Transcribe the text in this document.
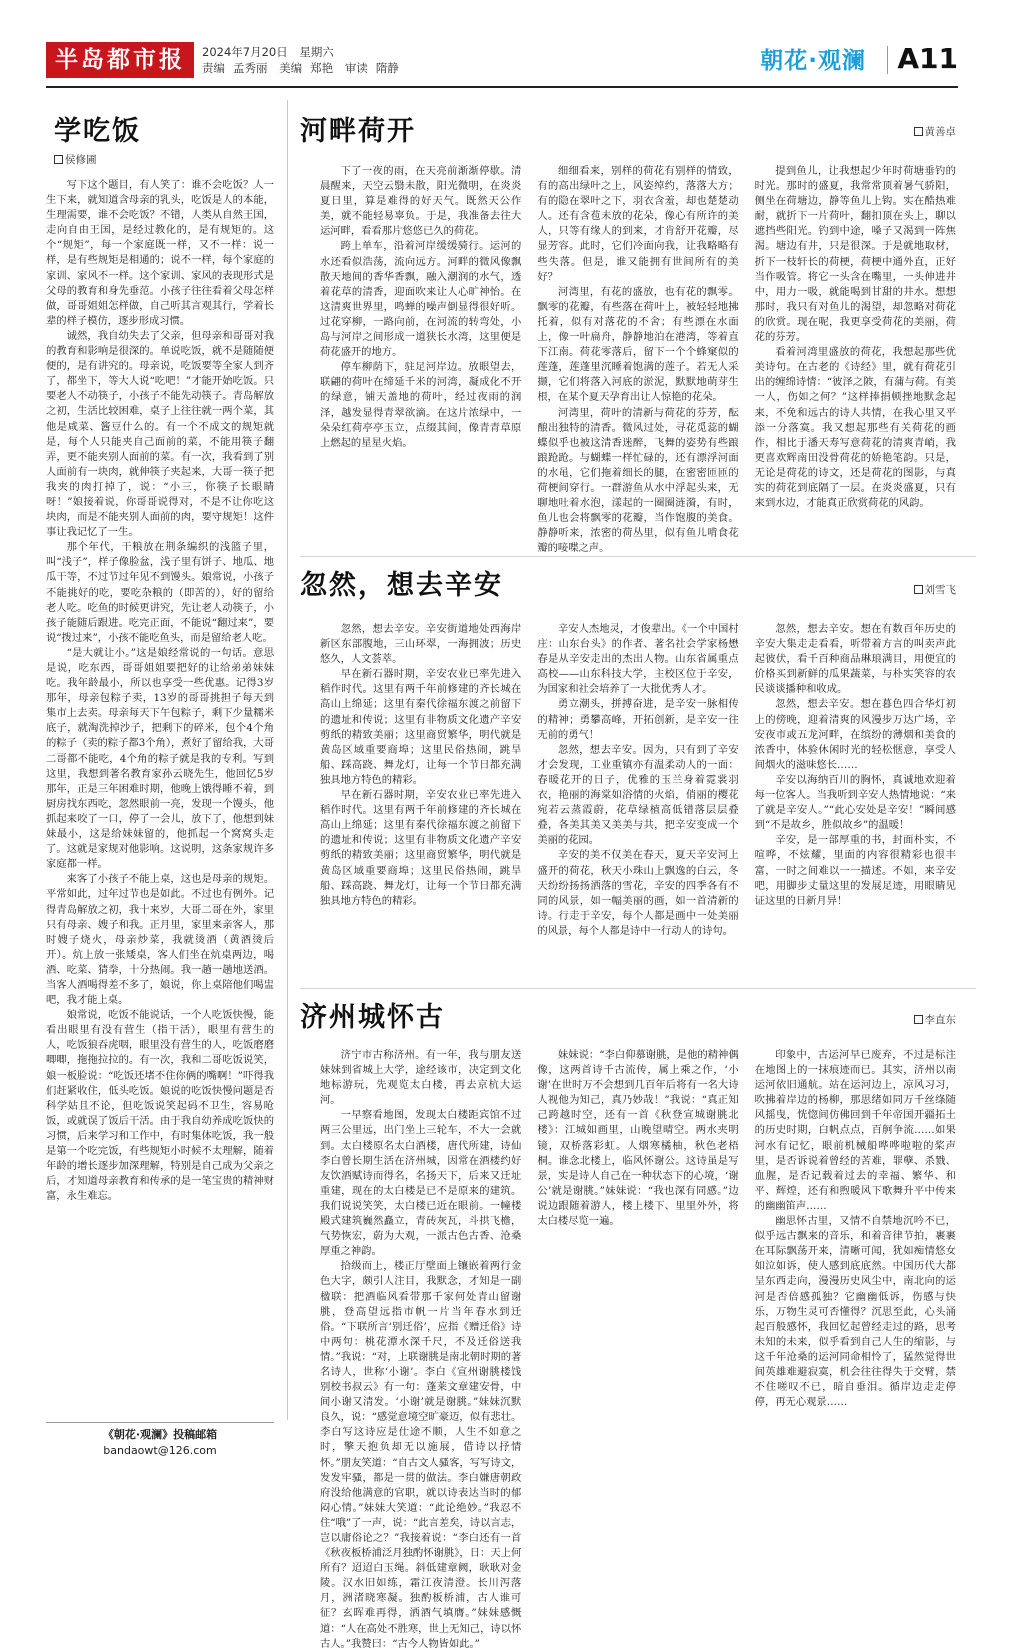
半岛都市报	2024年7月20日 星期六
责编 孟秀丽 美编 郑艳 审读 隋静	朝花·观澜 A11
学吃饭
侯修圃

写下这个题目，有人笑了：谁不会吃饭？人一生下来，就知道含母亲的乳头，吃饭是人的本能，生理需要，谁不会吃饭？不错，人类从自然王国，走向自由王国，是经过教化的，是有规矩的。这个“规矩”，每一个家庭既一样，又不一样：说一样，是有些规矩是相通的；说不一样，每个家庭的家训、家风不一样。这个家训、家风的表现形式是父母的教育和身先垂范。小孩子往往看着父母怎样做，哥哥姐姐怎样做，自己听其言观其行，学着长辈的样子模仿，逐步形成习惯。

诚然，我自幼失去了父亲，但母亲和哥哥对我的教育和影响是很深的。单说吃饭，就不是随随便便的，是有讲究的。母亲说，吃饭要等全家人到齐了，都坐下，等大人说“吃吧！”才能开始吃饭。只要老人不动筷子，小孩子不能先动筷子。青岛解放之初，生活比较困难，桌子上往往就一两个菜，其他是咸菜、酱豆什么的。有一个不成文的规矩就是，每个人只能夹自己面前的菜，不能用筷子翻弄，更不能夹别人面前的菜。有一次，我看到了别人面前有一块肉，就伸筷子夹起来，大哥一筷子把我夹的肉打掉了，说：“小三，你筷子长眼睛呀！”娘接着说，你哥哥说得对，不是不让你吃这块肉，而是不能夹别人面前的肉，要守规矩！这件事让我记忆了一生。

那个年代，干粮放在荆条编织的浅篮子里，叫“浅子”，样子像脸盆，浅子里有饼子、地瓜、地瓜干等，不过节过年见不到馒头。娘常说，小孩子不能挑好的吃，要吃杂粮的（即苦的），好的留给老人吃。吃鱼的时候更讲究，先让老人动筷子，小孩子能随后跟进。吃完正面，不能说“翻过来”，要说“拨过来”，小孩不能吃鱼头，而是留给老人吃。

“是大就让小。”这是娘经常说的一句话。意思是说，吃东西，哥哥姐姐要把好的让给弟弟妹妹吃。我年龄最小，所以也享受一些优惠。记得3岁那年，母亲包粽子卖，13岁的哥哥挑担子每天到集市上去卖。母亲每天下午包粽子，剩下少量糯米底子，就淘洗掉沙子，把剩下的碎米，包个4个角的粽子（卖的粽子都3个角），煮好了留给我，大哥二哥都不能吃，4个角的粽子就是我的专利。写到这里，我想到著名教育家孙云晓先生，他回忆5岁那年，正是三年困难时期，他晚上饿得睡不着，到厨房找东西吃，忽然眼前一亮，发现一个馒头，他抓起来咬了一口，停了一会儿，放下了，他想到妹妹最小，这是给妹妹留的，他抓起一个窝窝头走了。这就是家规对他影响。这说明，这条家规许多家庭都一样。

来客了小孩子不能上桌，这也是母亲的规矩。平常如此，过年过节也是如此。不过也有例外。记得青岛解放之初，我十来岁，大哥二哥在外，家里只有母亲、嫂子和我。正月里，家里来亲客人，那时嫂子烧火，母亲炒菜，我就烫酒（黄酒烫后开）。炕上放一张矮桌，客人们坐在炕桌两边，喝酒、吃菜、猜拳，十分热闹。我一趟一趟地送酒。当客人酒喝得差不多了，娘说，你上桌陪他们喝盅吧，我才能上桌。

娘常说，吃饭不能说话，一个人吃饭快慢，能看出眼里有没有营生（指干活），眼里有营生的人，吃饭狼吞虎咽，眼里没有营生的人，吃饭磨磨唧唧，拖拖拉拉的。有一次，我和二哥吃饭说笑，娘一板脸说：“吃饭还堵不住你俩的嘴啊！”吓得我们赶紧收住，低头吃饭。娘说的吃饭快慢问题是否科学姑且不论，但吃饭说笑起码不卫生，容易呛饭，或就误了饭后干活。由于我自幼养成吃饭快的习惯，后来学习和工作中，有时集体吃饭，我一般是第一个吃完饭，有些规矩小时候不太理解，随着年龄的增长逐步加深理解，特别是自己成为父亲之后，才知道母亲教育和传承的是一笔宝贵的精神财富，永生难忘。

《朝花·观澜》投稿邮箱
bandaowt@126.com
河畔荷开	黄善卓

下了一夜的雨，在天亮前渐渐停歇。清晨醒来，天空云翳未散，阳光微明，在炎炎夏日里，算是难得的好天气。既然天公作美，就不能轻易辜负。于是，我准备去往大运河畔，看看那片悠悠已久的荷花。

跨上单车，沿着河岸缓缓骑行。运河的水还看似浩荡，流向远方。河畔的微风像飘散天地间的香华香飘，融入潮润的水气，透着花草的清香，迎面吹来让人心旷神怡。在这清爽世界里，鸣蝉的噪声倒显得很好听。过花穿柳，一路向前，在河流的转弯处，小岛与河岸之间形成一道狭长水湾，这里便是荷花盛开的地方。

停车柳荫下，驻足河岸边。放眼望去，联翩的荷叶在缔延千米的河湾，凝成化不开的绿意，铺天盖地的荷叶，经过夜雨的润泽，越发显得青翠欲滴。在这片浓绿中，一朵朵红荷亭亭玉立，点缀其间，像青青草原上燃起的星星火焰。

细细看来，别样的荷花有别样的情致，有的高出绿叶之上，风姿绰约，落落大方；有的隐在翠叶之下，羽衣含羞，却也楚楚动人。还有含苞未放的花朵，像心有所许的美人，只等有缘人的到来，才肯舒开花瓣，尽显芳容。此时，它们冷面向我，让我略略有些失落。但是，谁又能拥有世间所有的美好？

河湾里，有花的盛放，也有花的飘零。飘零的花瓣，有些落在荷叶上，被轻轻地拂托着，似有对落花的不舍；有些漂在水面上，像一叶扁舟，静静地泊在港湾，等着直下江南。荷花零落后，留下一个个蜂窠似的莲蓬，莲蓬里沉睡着饱满的莲子。若无人采撷，它们将落入河底的淤泥，默默地萌芽生根，在某个夏天孕育出让人惊艳的花朵。

河湾里，荷叶的清新与荷花的芬芳，酝酿出独特的清香。微风过处，寻花觅蕊的蝴蝶似乎也被这清香迷醉，飞舞的姿势有些踉踉跄跄。与蝴蝶一样忙碌的，还有漂浮河面的水黾，它们拖着细长的腿，在密密匝匝的荷梗间穿行。一群游鱼从水中浮起头来，无聊地吐着水泡，漾起的一圈圈涟漪，有时，鱼儿也会将飘零的花瓣，当作饱腹的美食。静静听来，浓密的荷丛里，似有鱼儿啃食花瓣的唼喋之声。

提到鱼儿，让我想起少年时荷塘垂钓的时光。那时的盛夏，我常常顶着暑气骄阳，侧坐在荷塘边，静等鱼儿上钩。实在酷热难耐，就折下一片荷叶，翻扣顶在头上，聊以遮挡些阳光。钓到中途，嗓子又渴到一阵焦渴。塘边有井，只是很深。于是就地取材，折下一枝轩长的荷梗，荷梗中通外直，正好当作吸管。将它一头含在嘴里，一头伸进井中，用力一吸，就能喝到甘甜的井水。想想那时，我只有对鱼儿的渴望，却忽略对荷花的欣赏。现在呢，我更享受荷花的美丽，荷花的芬芳。

看着河湾里盛放的荷花，我想起那些优美诗句。在古老的《诗经》里，就有荷花引出的缠绵诗情：“彼泽之陂，有蒲与荷。有美一人，伤如之何？”这样捧捐顿挫地默念起来，不免和远古的诗人共情，在我心里又平添一分落寞。我又想起那些有关荷花的画作，相比于潘天寿写意荷花的清爽青峭，我更喜欢辉南田没骨荷花的娇艳笔韵。只是，无论是荷花的诗文，还是荷花的图影，与真实的荷花到底隔了一层。在炎炎盛夏，只有来到水边，才能真正欣赏荷花的风韵。

忽然，想去辛安	刘雪飞

忽然，想去辛安。辛安街道地处西海岸新区东部腹地，三山环翠，一海拥波；历史悠久，人文荟萃。

早在新石器时期，辛安农业已率先进入稻作时代。这里有两千年前修建的齐长城在高山上绵延；这里有秦代徐福东渡之前留下的遗址和传说；这里有非物质文化遗产辛安剪纸的精致美丽；这里商贸繁华，明代就是黄岛区域重要商埠；这里民俗热闹，跳旱船、踩高跷、舞龙灯，让每一个节日都充满独具地方特色的精彩。

早在新石器时期，辛安农业已率先进入稻作时代。这里有两千年前修建的齐长城在高山上绵延；这里有秦代徐福东渡之前留下的遗址和传说；这里有非物质文化遗产辛安剪纸的精致美丽；这里商贸繁华，明代就是黄岛区域重要商埠；这里民俗热闹，跳旱船、踩高跷、舞龙灯，让每一个节日都充满独具地方特色的精彩。

辛安人杰地灵，才俊辈出。《一个中国村庄：山东台头》的作者、著名社会学家杨懋春是从辛安走出的杰出人物。山东省属重点高校——山东科技大学，主校区位于辛安，为国家和社会培养了一大批优秀人才。

勇立潮头，拼搏奋进，是辛安一脉相传的精神；勇攀高峰，开拓创新，是辛安一往无前的勇气！

忽然，想去辛安。因为，只有到了辛安才会发现，工业重镇亦有温柔动人的一面：春暖花开的日子，优雅的玉兰身着霓裳羽衣，艳丽的海棠如浴情的火焰，俏丽的樱花宛若云蒸霞蔚，花草绿植高低错落层层叠叠，各美其美又美美与共，把辛安变成一个美丽的花园。

辛安的美不仅美在春天，夏天辛安河上盛开的荷花，秋天小珠山上飘逸的白云，冬天纷纷扬扬洒落的雪花，辛安的四季各有不同的风景，如一幅美丽的画，如一首清新的诗。行走于辛安，每个人都是画中一处美丽的风景，每个人都是诗中一行动人的诗句。

忽然，想去辛安。想在有数百年历史的辛安大集走走看看，听带着方言的叫卖声此起彼伏，看千百种商品琳琅满目，用便宜的价格买到新鲜的瓜果蔬菜，与朴实笑容的农民谈谈播种和收成。

忽然，想去辛安。想在暮色四合华灯初上的傍晚，迎着清爽的风漫步万达广场，辛安夜市或五龙河畔，在缤纷的薄烟和美食的浓香中，体验休闲时光的轻松惬意，享受人间烟火的滋味悠长……

辛安以海纳百川的胸怀，真诚地欢迎着每一位客人。当我听到辛安人热情地说：“来了就是辛安人。”“此心安处是辛安！”瞬间感到“不是故乡，胜似故乡”的温暖！

辛安，是一部厚重的书，封面朴实，不喧哗，不炫耀，里面的内容很精彩也很丰富，一时之间难以一一描述。不如，来辛安吧，用脚步丈量这里的发展足迹，用眼睛见证这里的日新月异！

济州城怀古	李直东

济宁市古称济州。有一年，我与朋友送妹妹到省城上大学，途经该市，决定到文化地标游玩，先观览太白楼，再去京杭大运河。

一早察看地图，发现太白楼距宾馆不过两三公里远，出门坐上三轮车，不大一会就到。太白楼原名太白酒楼，唐代所建，诗仙李白曾长期生活在济州城，因常在酒楼约好友饮酒赋诗而得名，名扬天下，后来又迁址重建，现在的太白楼是已不是原来的建筑。我们说说笑笑，太白楼已近在眼前。一幢楼殿式建筑巍然矗立，青砖灰瓦，斗拱飞檐，气势恢宏，蔚为大观，一派古色古香、沧桑厚重之神韵。

拾级而上，楼正厅壁面上镶嵌着两行金色大字，颇引人注目，我默念，才知是一副楹联：把酒临风看带那千家何处青山留谢朓，登高望远指市帆一片当年春水到迁俗。“下联所言‘别迁俗’，应指《赠迁俗》诗中两句：桃花潭水深千尺，不及迁俗送我情。”我说：“对，上联谢朓是南北朝时期的著名诗人，世称‘小谢’。李白《宣州谢朓楼饯别校书叔云》有一句：蓬莱文章建安骨，中间小谢又清发。‘小谢’就是谢朓。”妹妹沉默良久，说：“感觉意境空旷豪迈，似有悲壮。李白写这诗应是仕途不顺，人生不如意之时，擎天抱负却无以施展，借诗以抒情怀。”朋友笑道：“自古文人骚客，写写诗文，发发牢骚，都是一贯的做法。李白嫌唐朝政府没给他满意的官职，就以诗表达当时的郁闷心情。”妹妹大笑道：“此论绝妙。”我忍不住“哦”了一声，说：“此言差矣，诗以言志，岂以庸俗论之？”我接着说：“李白还有一首《秋夜板桥浦泛月独酌怀谢朓》，日：天上何所有？迢迢白玉绳。斜低建章阙，耿耿对金陵。汉水旧如练，霜江夜清澄。长川泻落月，洲渚晓寒凝。独酌板桥浦，古人谁可征？玄晖难再得，洒酒气填膺。”妹妹感慨道：“人在高处不胜寒，世上无知己，诗以怀古人。”我赞曰：“古今人物皆如此。”

妹妹说：“李白仰慕谢朓，是他的精神偶像，这两首诗千古流传，属上乘之作，‘小谢’在世时万不会想到几百年后将有一名大诗人视他为知己，真乃妙哉！”我说：“真正知己跨越时空，还有一首《秋登宣城谢朓北楼》：江城如画里，山晚望晴空。两水夹明镜，双桥落彩虹。人烟寒橘柚，秋色老梧桐。谁念北楼上，临风怀谢公。这诗虽是写景，实是诗人自己在一种状态下的心境，‘谢公’就是谢朓。”妹妹说：“我也深有同感。”边说边跟随着游人，楼上楼下、里里外外，将太白楼尽览一遍。

印象中，古运河早已废弃，不过是标注在地图上的一抹痕迹而已。其实，济州以南运河依旧通航。站在运河边上，凉风习习，吹拂着岸边的杨柳，那思绪如同万千丝绦随风摇曳，恍惚间仿佛回到千年帝国开疆拓土的历史时期，白帆点点，百舸争流……如果河水有记忆，眼前机械船哗哗啦啦的桨声里，是否诉说着曾经的苦难，罪孽、杀戮、血腥，是否记载着过去的幸福、繁华、和平、辉煌，还有和煦暖风下歌舞升平中传来的幽幽笛声……

幽思怀古里，又情不自禁地沉吟不已，似乎远古飘来的音乐，和着音律节拍，裹裹在耳际飘荡开来，清晰可闻，犹如痴情悠女如泣如诉，使人感到底底然。中国历代大都呈东西走向，漫漫历史风尘中，南北向的运河是否倍感孤独？它幽幽低诉，伤感与快乐，万物生灵可否懂得？沉思至此，心头涌起百般感怀，我回忆起曾经走过的路，思考未知的未来，似乎看到自己人生的缩影，与这千年沧桑的运河同命相怜了，猛然觉得世间英雄难避寂寞，机会往往得失于交臂，禁不住嗟叹不已，暗自垂泪。循岸边走走停停，再无心观景……
